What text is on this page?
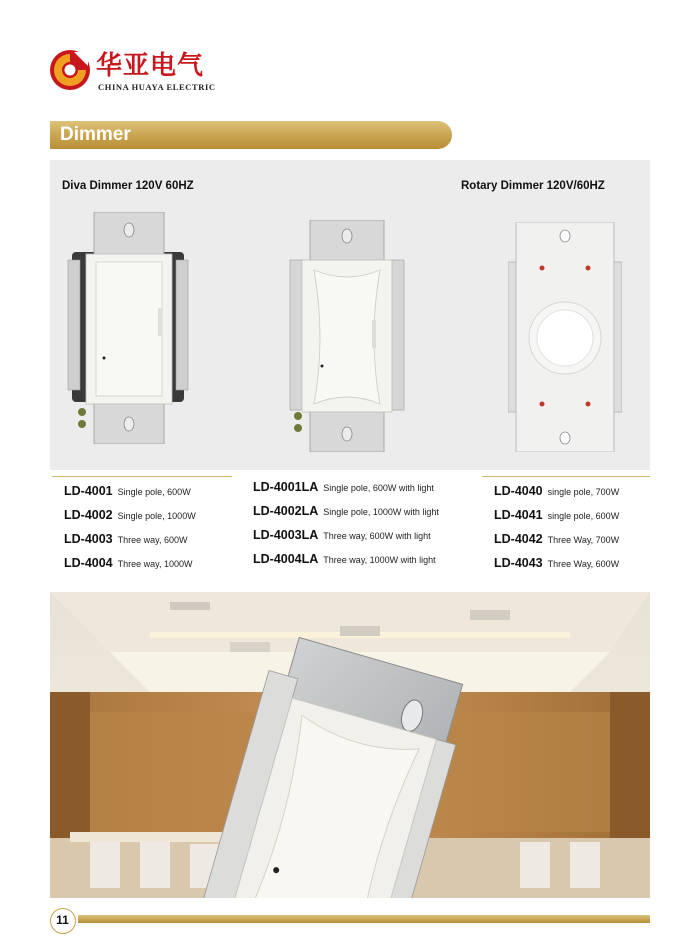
华亚电气
CHINA HUAYA ELECTRIC
Dimmer
Diva Dimmer 120V 60HZ	Rotary Dimmer 120V/60HZ
LD-4001 Single pole, 600W
LD-4002 Single pole, 1000W
LD-4003 Three way, 600W
LD-4004 Three way, 1000W
LD-4001LA Single pole, 600W with light
LD-4002LA Single pole, 1000W with light
LD-4003LA Three way, 600W with light
LD-4004LA Three way, 1000W with light
LD-4040 single pole, 700W
LD-4041 single pole, 600W
LD-4042 Three Way, 700W
LD-4043 Three Way, 600W
11
